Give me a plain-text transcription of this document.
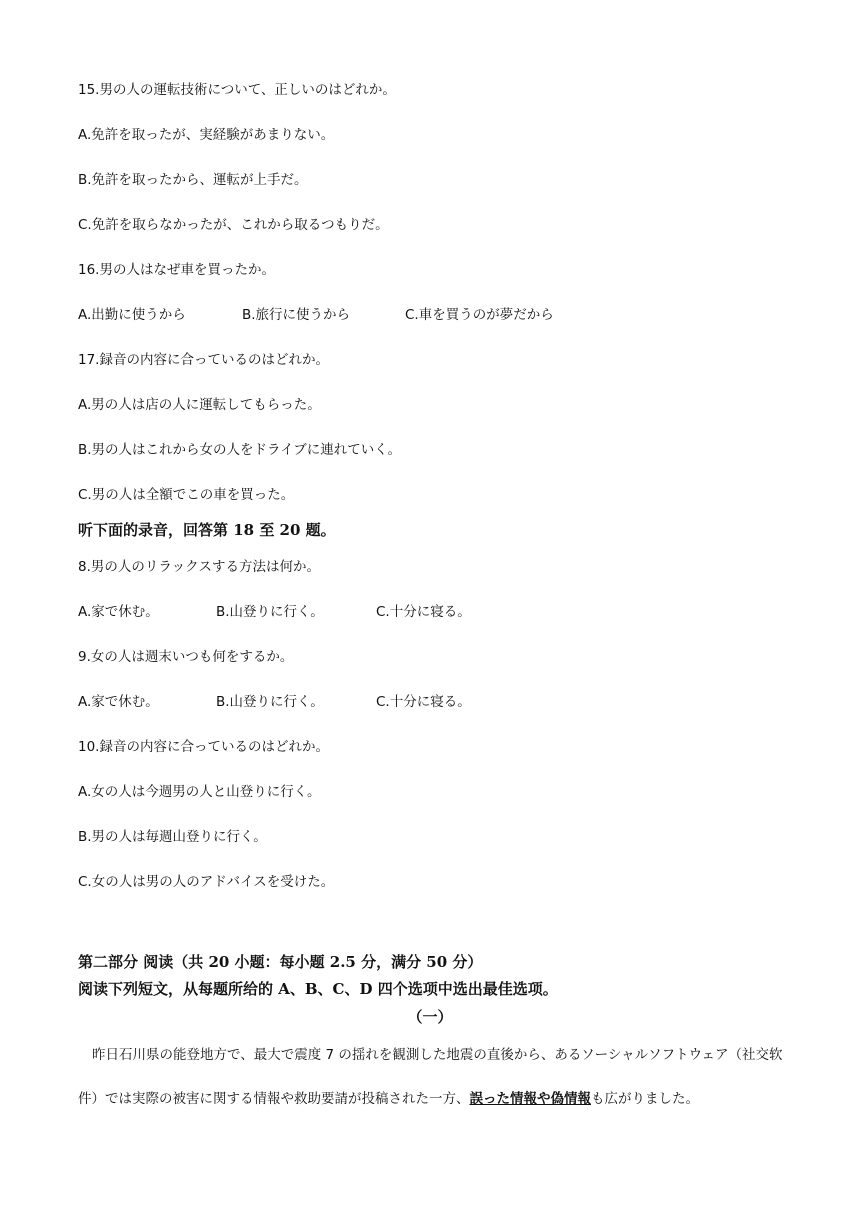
15.男の人の運転技術について、正しいのはどれか。
A.免許を取ったが、実経験があまりない。
B.免許を取ったから、運転が上手だ。
C.免許を取らなかったが、これから取るつもりだ。
16.男の人はなぜ車を買ったか。
A.出勤に使うから	B.旅行に使うから	C.車を買うのが夢だから
17.録音の内容に合っているのはどれか。
A.男の人は店の人に運転してもらった。
B.男の人はこれから女の人をドライブに連れていく。
C.男の人は全額でこの車を買った。
听下面的录音，回答第 18 至 20 题。
8.男の人のリラックスする方法は何か。
A.家で休む。	B.山登りに行く。	C.十分に寝る。
9.女の人は週末いつも何をするか。
A.家で休む。	B.山登りに行く。	C.十分に寝る。
10.録音の内容に合っているのはどれか。
A.女の人は今週男の人と山登りに行く。
B.男の人は毎週山登りに行く。
C.女の人は男の人のアドバイスを受けた。
第二部分 阅读（共 20 小题：每小题 2.5 分，满分 50 分）
阅读下列短文，从每题所给的 A、B、C、D 四个选项中选出最佳选项。
（一）
昨日石川県の能登地方で、最大で震度 7 の揺れを観測した地震の直後から、あるソーシャルソフトウェア（社交软
件）では実際の被害に関する情報や救助要請が投稿された一方、誤った情報や偽情報も広がりました。
